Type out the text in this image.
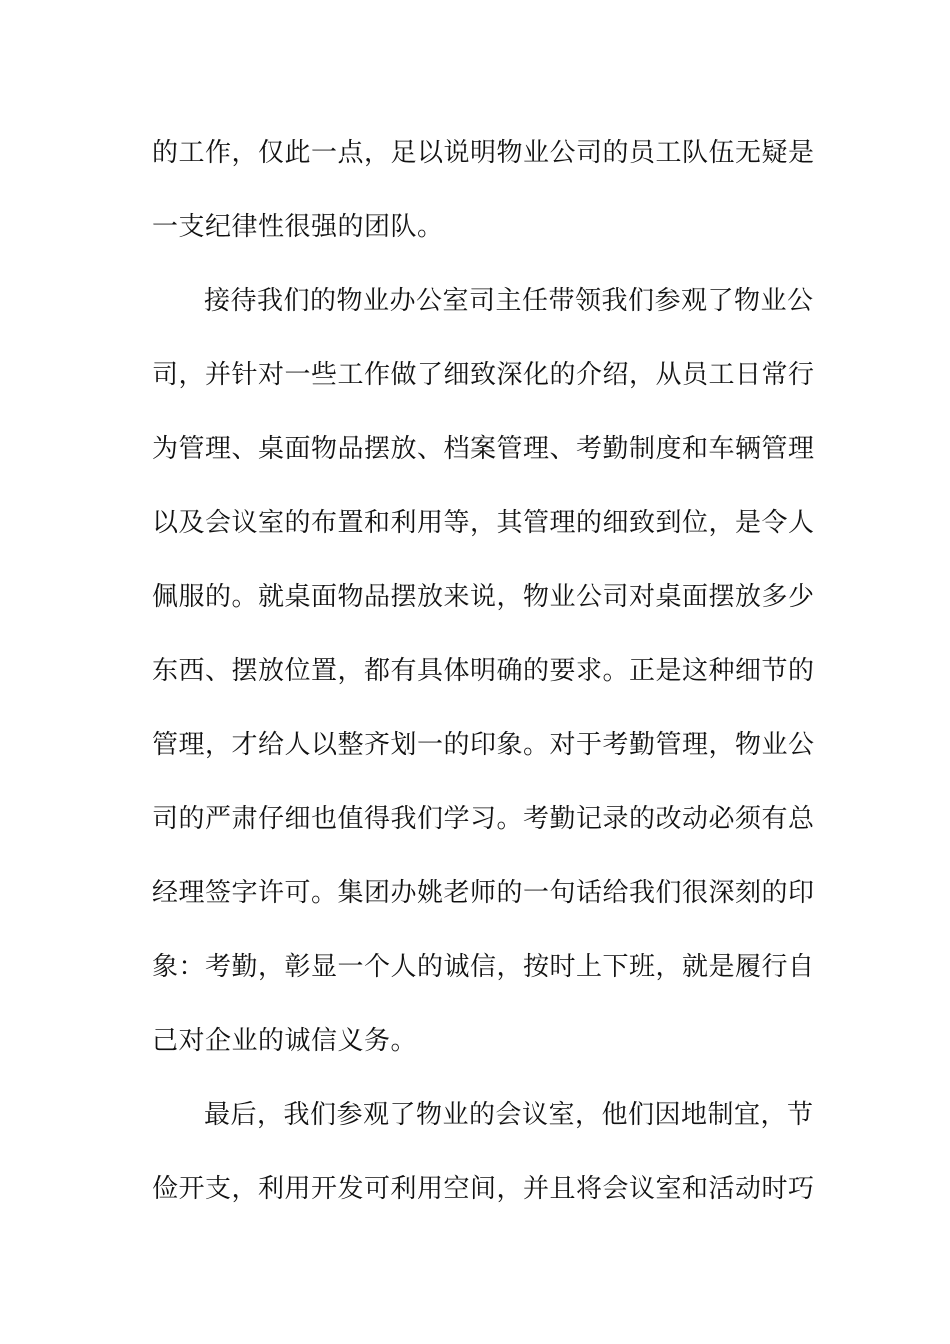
的工作，仅此一点，足以说明物业公司的员工队伍无疑是
一支纪律性很强的团队。
接待我们的物业办公室司主任带领我们参观了物业公
司，并针对一些工作做了细致深化的介绍，从员工日常行
为管理、桌面物品摆放、档案管理、考勤制度和车辆管理
以及会议室的布置和利用等，其管理的细致到位，是令人
佩服的。就桌面物品摆放来说，物业公司对桌面摆放多少
东西、摆放位置，都有具体明确的要求。正是这种细节的
管理，才给人以整齐划一的印象。对于考勤管理，物业公
司的严肃仔细也值得我们学习。考勤记录的改动必须有总
经理签字许可。集团办姚老师的一句话给我们很深刻的印
象：考勤，彰显一个人的诚信，按时上下班，就是履行自
己对企业的诚信义务。
最后，我们参观了物业的会议室，他们因地制宜，节
俭开支，利用开发可利用空间，并且将会议室和活动时巧
